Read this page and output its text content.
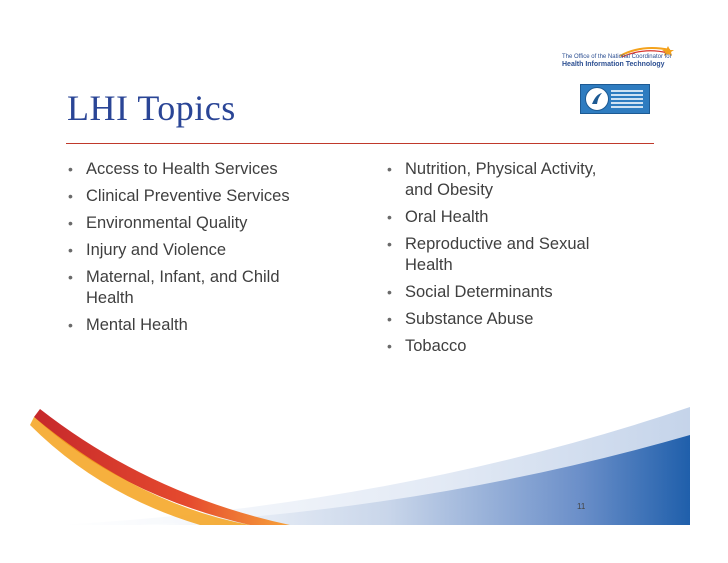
The Office of the National Coordinator for
Health Information Technology
LHI Topics
• Access to Health Services
• Clinical Preventive Services
• Environmental Quality
• Injury and Violence
• Maternal, Infant, and Child Health
• Mental Health
• Nutrition, Physical Activity, and Obesity
• Oral Health
• Reproductive and Sexual Health
• Social Determinants
• Substance Abuse
• Tobacco
11
